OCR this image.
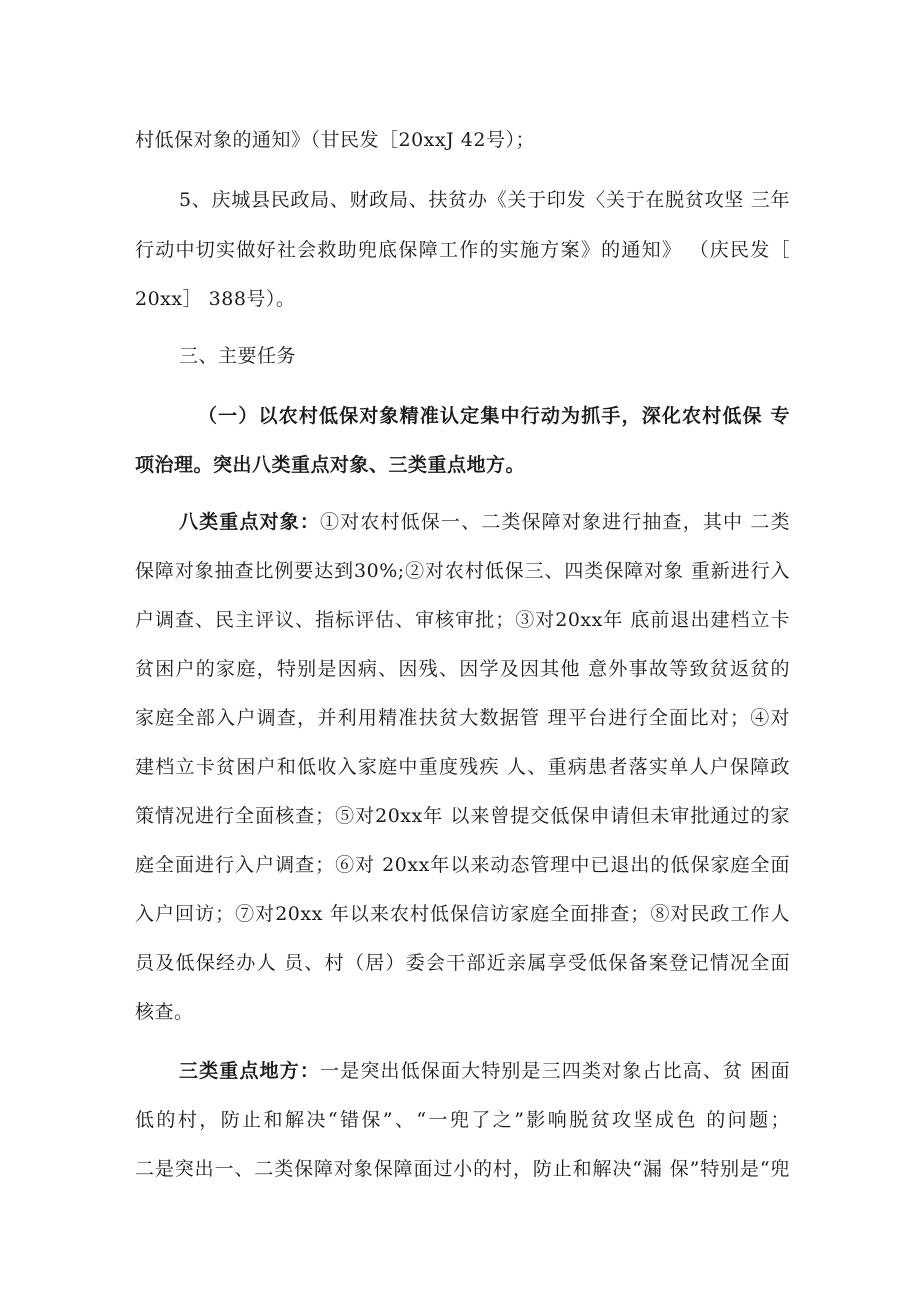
村低保对象的通知》（甘民发［20xxJ 42号）；
5、庆城县民政局、财政局、扶贫办《关于印发〈关于在脱贫攻坚 三年
行动中切实做好社会救助兜底保障工作的实施方案》的通知》 （庆民发［
20xx］ 388号）。
三、主要任务
（一）以农村低保对象精准认定集中行动为抓手，深化农村低保 专
项治理。突出八类重点对象、三类重点地方。
八类重点对象：①对农村低保一、二类保障对象进行抽查，其中 二类
保障对象抽查比例要达到30%;②对农村低保三、四类保障对象 重新进行入
户调查、民主评议、指标评估、审核审批；③对20xx年 底前退出建档立卡
贫困户的家庭，特别是因病、因残、因学及因其他 意外事故等致贫返贫的
家庭全部入户调查，并利用精准扶贫大数据管 理平台进行全面比对；④对
建档立卡贫困户和低收入家庭中重度残疾 人、重病患者落实单人户保障政
策情况进行全面核查；⑤对20xx年 以来曾提交低保申请但未审批通过的家
庭全面进行入户调查；⑥对 20xx年以来动态管理中已退出的低保家庭全面
入户回访；⑦对20xx 年以来农村低保信访家庭全面排查；⑧对民政工作人
员及低保经办人 员、村（居）委会干部近亲属享受低保备案登记情况全面
核查。
三类重点地方：一是突出低保面大特别是三四类对象占比高、贫 困面
低的村，防止和解决“错保”、“一兜了之”影响脱贫攻坚成色 的问题；
二是突出一、二类保障对象保障面过小的村，防止和解决“漏 保”特别是“兜
